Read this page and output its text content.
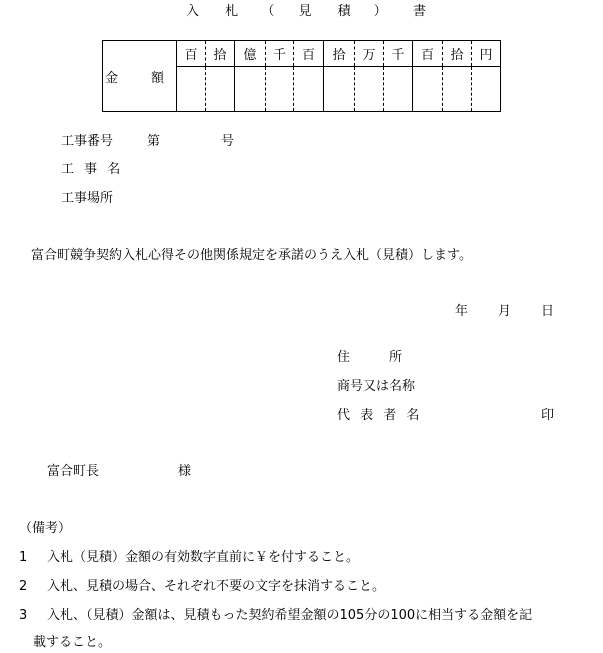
入 札 （ 見 積 ） 書
金　額	百	拾	億	千	百	拾	万	千	百	拾	円

工事番号	第	号
工 事 名
工事場所
富合町競争契約入札心得その他関係規定を承諾のうえ入札（見積）します。
年 月 日
住　　　所
商号又は名称
代 表 者 名	印
富合町長	様
（備考）
1 入札（見積）金額の有効数字直前に￥を付すること。
2 入札、見積の場合、それぞれ不要の文字を抹消すること。
3 入札、（見積）金額は、見積もった契約希望金額の105分の100に相当する金額を記
載すること。
